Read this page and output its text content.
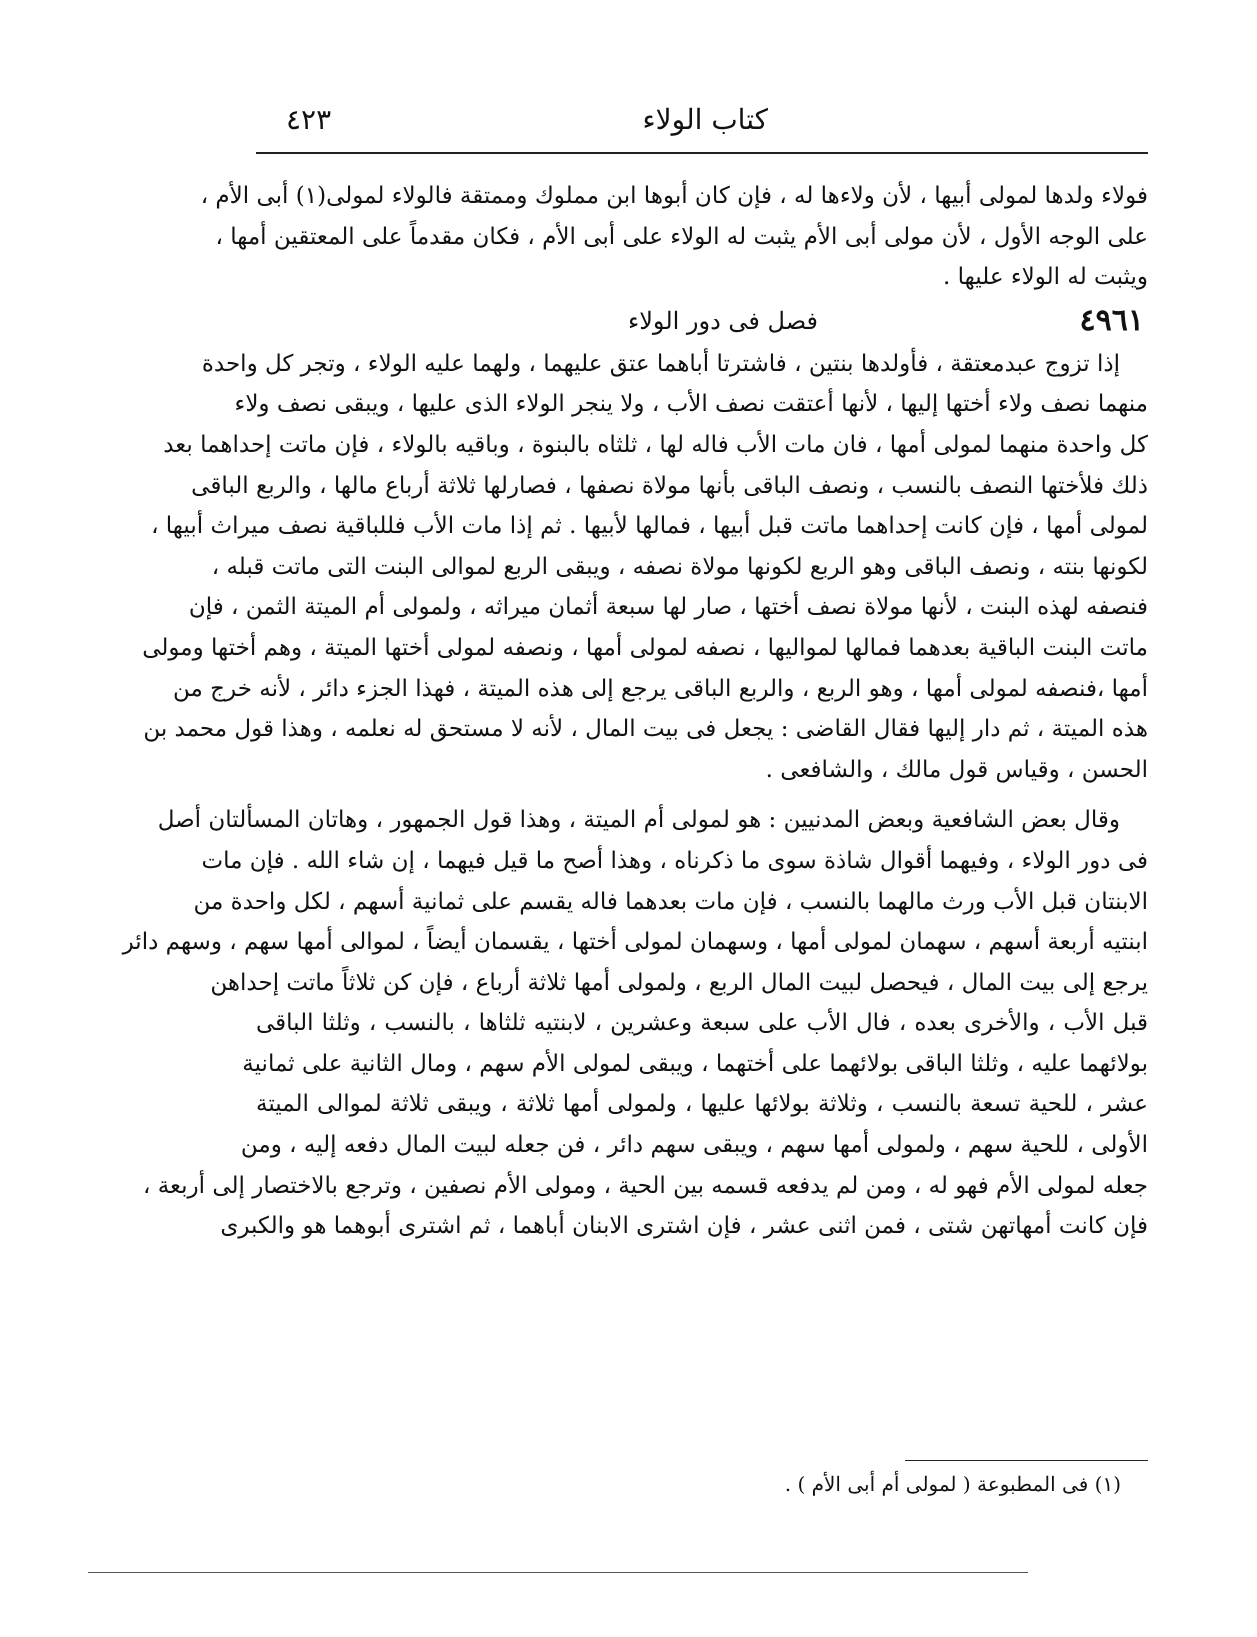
كتاب الولاء
٤٢٣
فولاء ولدها لمولى أبيها ، لأن ولاءها له ، فإن كان أبوها ابن مملوك وممتقة فالولاء لمولى(١) أبى الأم ،
على الوجه الأول ، لأن مولى أبى الأم يثبت له الولاء على أبى الأم ، فكان مقدماً على المعتقين أمها ،
ويثبت له الولاء عليها .
٤٩٦١
فصل فى دور الولاء
إذا تزوج عبدمعتقة ، فأولدها بنتين ، فاشترتا أباهما عتق عليهما ، ولهما عليه الولاء ، وتجر كل واحدة
منهما نصف ولاء أختها إليها ، لأنها أعتقت نصف الأب ، ولا ينجر الولاء الذى عليها ، ويبقى نصف ولاء
كل واحدة منهما لمولى أمها ، فان مات الأب فاله لها ، ثلثاه بالبنوة ، وباقيه بالولاء ، فإن ماتت إحداهما بعد
ذلك فلأختها النصف بالنسب ، ونصف الباقى بأنها مولاة نصفها ، فصارلها ثلاثة أرباع مالها ، والربع الباقى
لمولى أمها ، فإن كانت إحداهما ماتت قبل أبيها ، فمالها لأبيها . ثم إذا مات الأب فللباقية نصف ميراث أبيها ،
لكونها بنته ، ونصف الباقى وهو الربع لكونها مولاة نصفه ، ويبقى الربع لموالى البنت التى ماتت قبله ،
فنصفه لهذه البنت ، لأنها مولاة نصف أختها ، صار لها سبعة أثمان ميراثه ، ولمولى أم الميتة الثمن ، فإن
ماتت البنت الباقية بعدهما فمالها لمواليها ، نصفه لمولى أمها ، ونصفه لمولى أختها الميتة ، وهم أختها ومولى
أمها ،فنصفه لمولى أمها ، وهو الربع ، والربع الباقى يرجع إلى هذه الميتة ، فهذا الجزء دائر ، لأنه خرج من
هذه الميتة ، ثم دار إليها فقال القاضى : يجعل فى بيت المال ، لأنه لا مستحق له نعلمه ، وهذا قول محمد بن
الحسن ، وقياس قول مالك ، والشافعى .
وقال بعض الشافعية وبعض المدنيين : هو لمولى أم الميتة ، وهذا قول الجمهور ، وهاتان المسألتان أصل
فى دور الولاء ، وفيهما أقوال شاذة سوى ما ذكرناه ، وهذا أصح ما قيل فيهما ، إن شاء الله . فإن مات
الابنتان قبل الأب ورث مالهما بالنسب ، فإن مات بعدهما فاله يقسم على ثمانية أسهم ، لكل واحدة من
ابنتيه أربعة أسهم ، سهمان لمولى أمها ، وسهمان لمولى أختها ، يقسمان أيضاً ، لموالى أمها سهم ، وسهم دائر
يرجع إلى بيت المال ، فيحصل لبيت المال الربع ، ولمولى أمها ثلاثة أرباع ، فإن كن ثلاثاً ماتت إحداهن
قبل الأب ، والأخرى بعده ، فال الأب على سبعة وعشرين ، لابنتيه ثلثاها ، بالنسب ، وثلثا الباقى
بولائهما عليه ، وثلثا الباقى بولائهما على أختهما ، ويبقى لمولى الأم سهم ، ومال الثانية على ثمانية
عشر ، للحية تسعة بالنسب ، وثلاثة بولائها عليها ، ولمولى أمها ثلاثة ، ويبقى ثلاثة لموالى الميتة
الأولى ، للحية سهم ، ولمولى أمها سهم ، ويبقى سهم دائر ، فن جعله لبيت المال دفعه إليه ، ومن
جعله لمولى الأم فهو له ، ومن لم يدفعه قسمه بين الحية ، ومولى الأم نصفين ، وترجع بالاختصار إلى أربعة ،
فإن كانت أمهاتهن شتى ، فمن اثنى عشر ، فإن اشترى الابنان أباهما ، ثم اشترى أبوهما هو والكبرى
(١) فى المطبوعة ( لمولى أم أبى الأم ) .
